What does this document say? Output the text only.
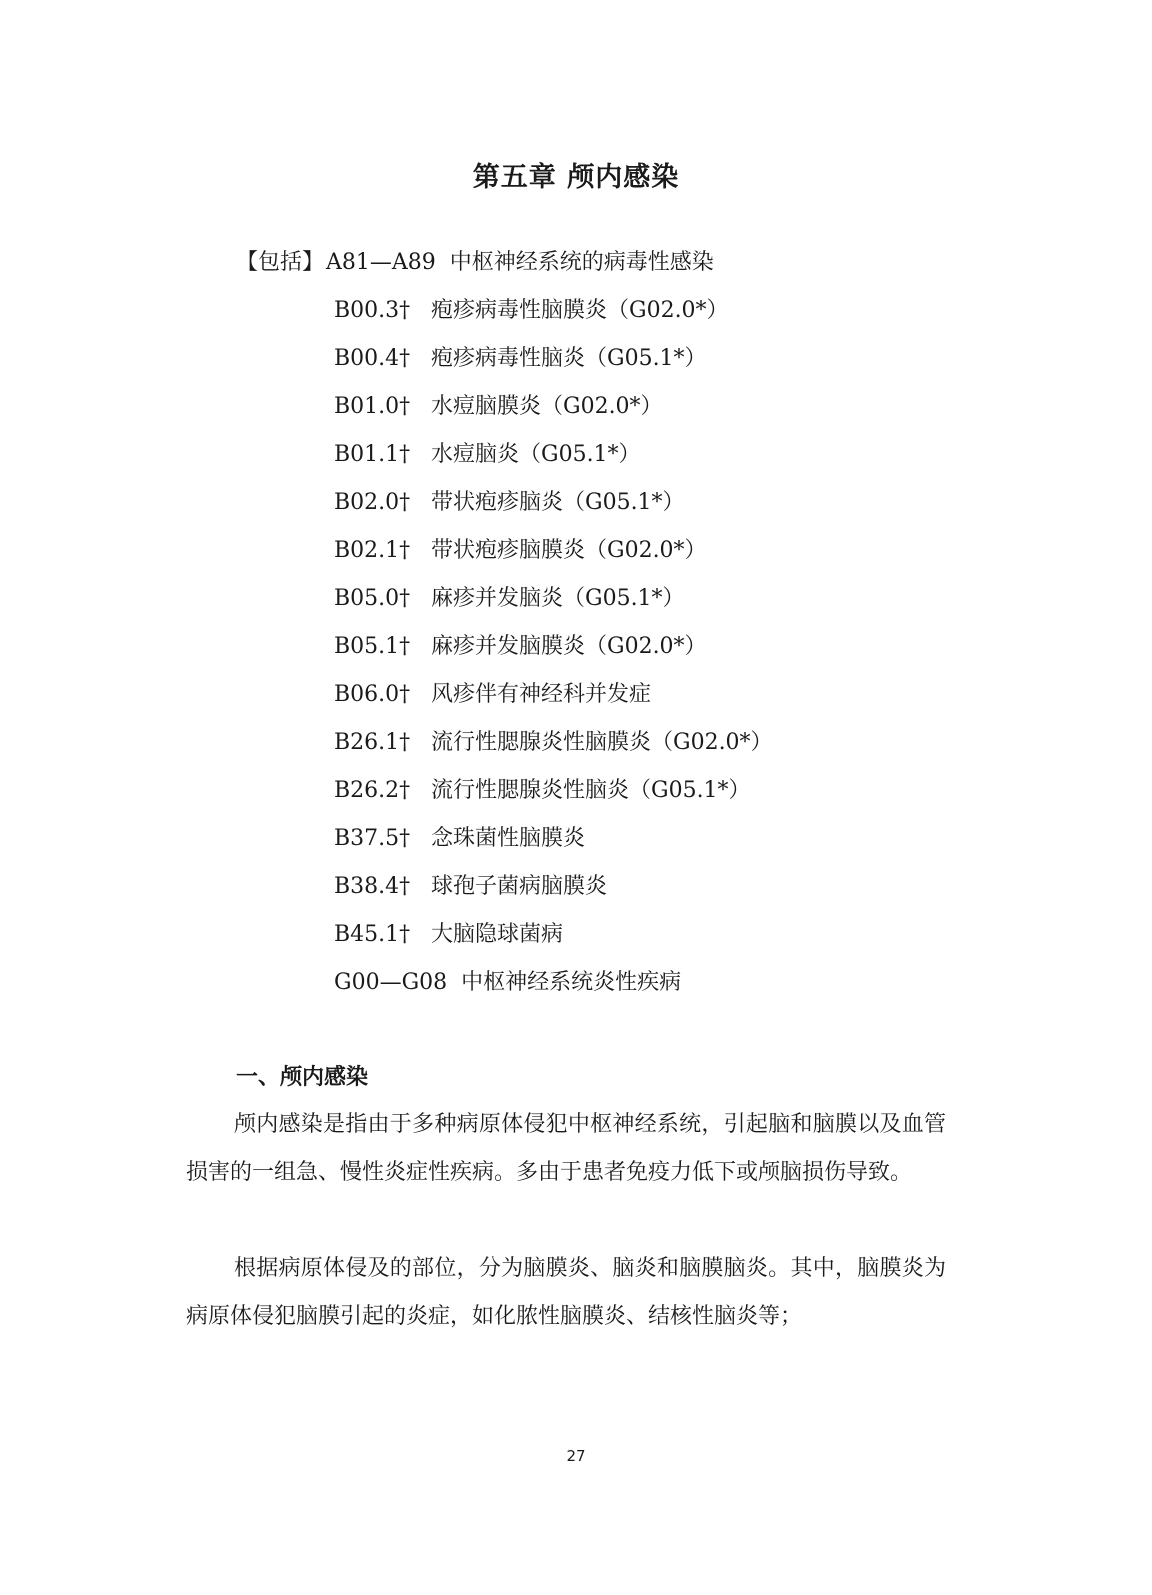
第五章 颅内感染
【包括】A81—A89 中枢神经系统的病毒性感染
B00.3† 疱疹病毒性脑膜炎（G02.0*）
B00.4† 疱疹病毒性脑炎（G05.1*）
B01.0† 水痘脑膜炎（G02.0*）
B01.1† 水痘脑炎（G05.1*）
B02.0† 带状疱疹脑炎（G05.1*）
B02.1† 带状疱疹脑膜炎（G02.0*）
B05.0† 麻疹并发脑炎（G05.1*）
B05.1† 麻疹并发脑膜炎（G02.0*）
B06.0† 风疹伴有神经科并发症
B26.1† 流行性腮腺炎性脑膜炎（G02.0*）
B26.2† 流行性腮腺炎性脑炎（G05.1*）
B37.5† 念珠菌性脑膜炎
B38.4† 球孢子菌病脑膜炎
B45.1† 大脑隐球菌病
G00—G08 中枢神经系统炎性疾病
一、颅内感染

颅内感染是指由于多种病原体侵犯中枢神经系统，引起脑和脑膜以及血管损害的一组急、慢性炎症性疾病。多由于患者免疫力低下或颅脑损伤导致。

根据病原体侵及的部位，分为脑膜炎、脑炎和脑膜脑炎。其中，脑膜炎为病原体侵犯脑膜引起的炎症，如化脓性脑膜炎、结核性脑炎等；

27
